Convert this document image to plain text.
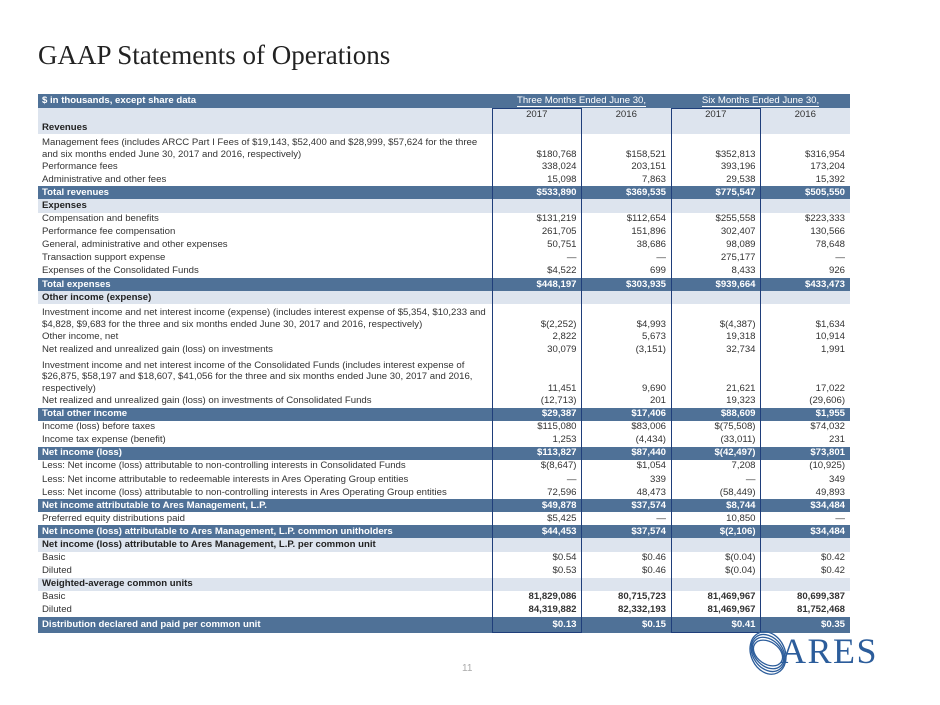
GAAP Statements of Operations
$ in thousands, except share data	Three Months Ended June 30,		Six Months Ended June 30,	
	2017	2016	2017	2016
Revenues				
Management fees (includes ARCC Part I Fees of $19,143, $52,400 and $28,999, $57,624 for the three and six months ended June 30, 2017 and 2016, respectively)	$180,768	$158,521	$352,813	$316,954
Performance fees	338,024	203,151	393,196	173,204
Administrative and other fees	15,098	7,863	29,538	15,392
Total revenues	$533,890	$369,535	$775,547	$505,550
Expenses				
Compensation and benefits	$131,219	$112,654	$255,558	$223,333
Performance fee compensation	261,705	151,896	302,407	130,566
General, administrative and other expenses	50,751	38,686	98,089	78,648
Transaction support expense	—	—	275,177	—
Expenses of the Consolidated Funds	$4,522	699	8,433	926
Total expenses	$448,197	$303,935	$939,664	$433,473
Other income (expense)				
Investment income and net interest income (expense) (includes interest expense of $5,354, $10,233 and $4,828, $9,683 for the three and six months ended June 30, 2017 and 2016, respectively)	$(2,252)	$4,993	$(4,387)	$1,634
Other income, net	2,822	5,673	19,318	10,914
Net realized and unrealized gain (loss) on investments	30,079	(3,151)	32,734	1,991
Investment income and net interest income of the Consolidated Funds (includes interest expense of $26,875, $58,197 and $18,607, $41,056 for the three and six months ended June 30, 2017 and 2016, respectively)	11,451	9,690	21,621	17,022
Net realized and unrealized gain (loss) on investments of Consolidated Funds	(12,713)	201	19,323	(29,606)
Total other income	$29,387	$17,406	$88,609	$1,955
Income (loss) before taxes	$115,080	$83,006	$(75,508)	$74,032
Income tax expense (benefit)	1,253	(4,434)	(33,011)	231
Net income (loss)	$113,827	$87,440	$(42,497)	$73,801
Less: Net income (loss) attributable to non-controlling interests in Consolidated Funds	$(8,647)	$1,054	7,208	(10,925)
Less: Net income attributable to redeemable interests in Ares Operating Group entities	—	339	—	349
Less: Net income (loss) attributable to non-controlling interests in Ares Operating Group entities	72,596	48,473	(58,449)	49,893
Net income attributable to Ares Management, L.P.	$49,878	$37,574	$8,744	$34,484
Preferred equity distributions paid	$5,425	—	10,850	—
Net income (loss) attributable to Ares Management, L.P. common unitholders	$44,453	$37,574	$(2,106)	$34,484
Net income (loss) attributable to Ares Management, L.P. per common unit				
Basic	$0.54	$0.46	$(0.04)	$0.42
Diluted	$0.53	$0.46	$(0.04)	$0.42
Weighted-average common units				
Basic	81,829,086	80,715,723	81,469,967	80,699,387
Diluted	84,319,882	82,332,193	81,469,967	81,752,468
Distribution declared and paid per common unit	$0.13	$0.15	$0.41	$0.35
11	ARES
